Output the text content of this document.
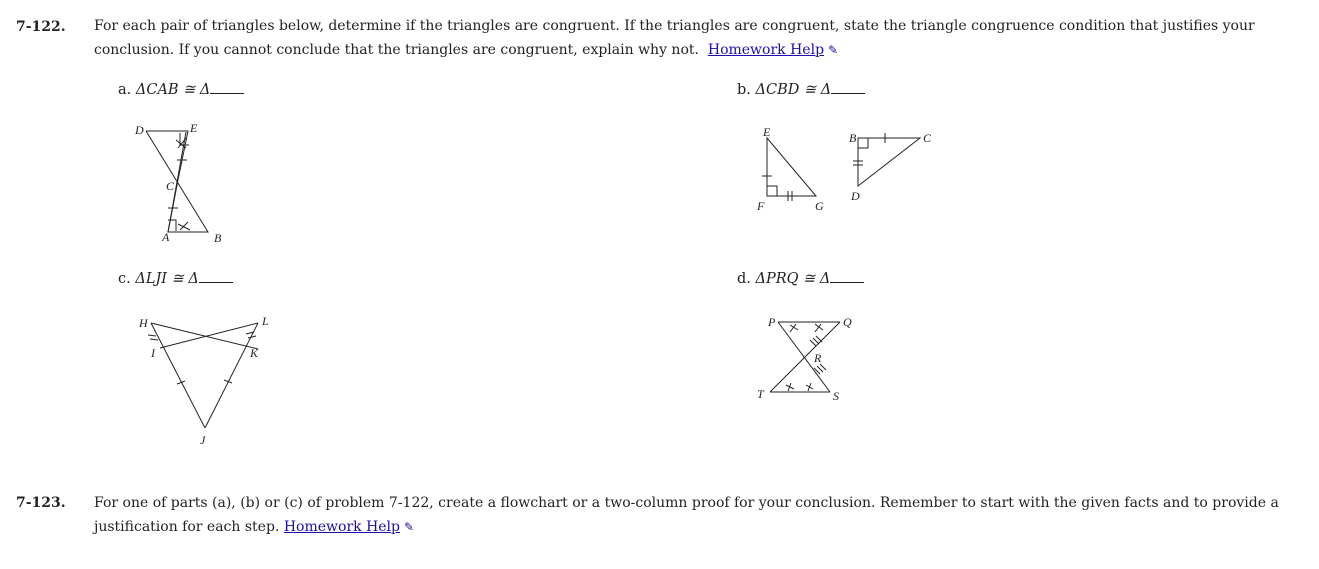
7-122. For each pair of triangles below, determine if the triangles are congruent. If the triangles are congruent, state the triangle congruence condition that justifies your conclusion. If you cannot conclude that the triangles are congruent, explain why not. Homework Help ✎
a. ΔCAB ≅ Δ	b. ΔCBD ≅ Δ
c. ΔLJI ≅ Δ	d. ΔPRQ ≅ Δ
D	E
C
A	B
E
F	G
B	C
D
H	L
I	K
J
P	Q
R
T	S
7-123. For one of parts (a), (b) or (c) of problem 7-122, create a flowchart or a two-column proof for your conclusion. Remember to start with the given facts and to provide a justification for each step. Homework Help ✎
